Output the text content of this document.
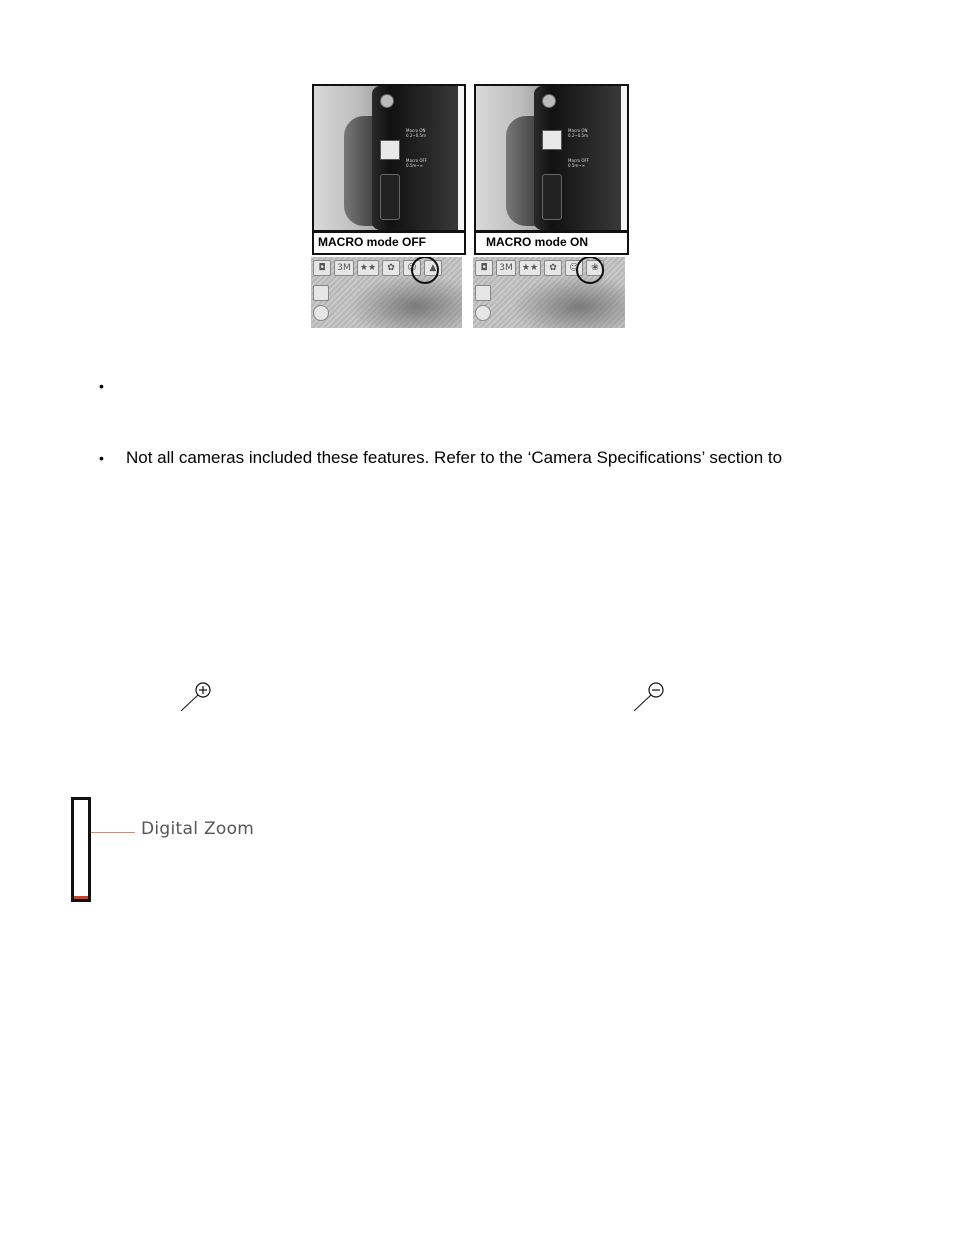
Macro ON
0.2~0.5m
Macro OFF
0.5m~∞
MACRO mode OFF
Macro ON
0.2~0.5m
Macro OFF
0.5m~∞
MACRO mode ON
◘	3M	★★	✿	☺	▲	◘	3M	★★	✿	☺	❀
•
• Not all cameras included these features. Refer to the ‘Camera Specifications’ section to
Digital Zoom
